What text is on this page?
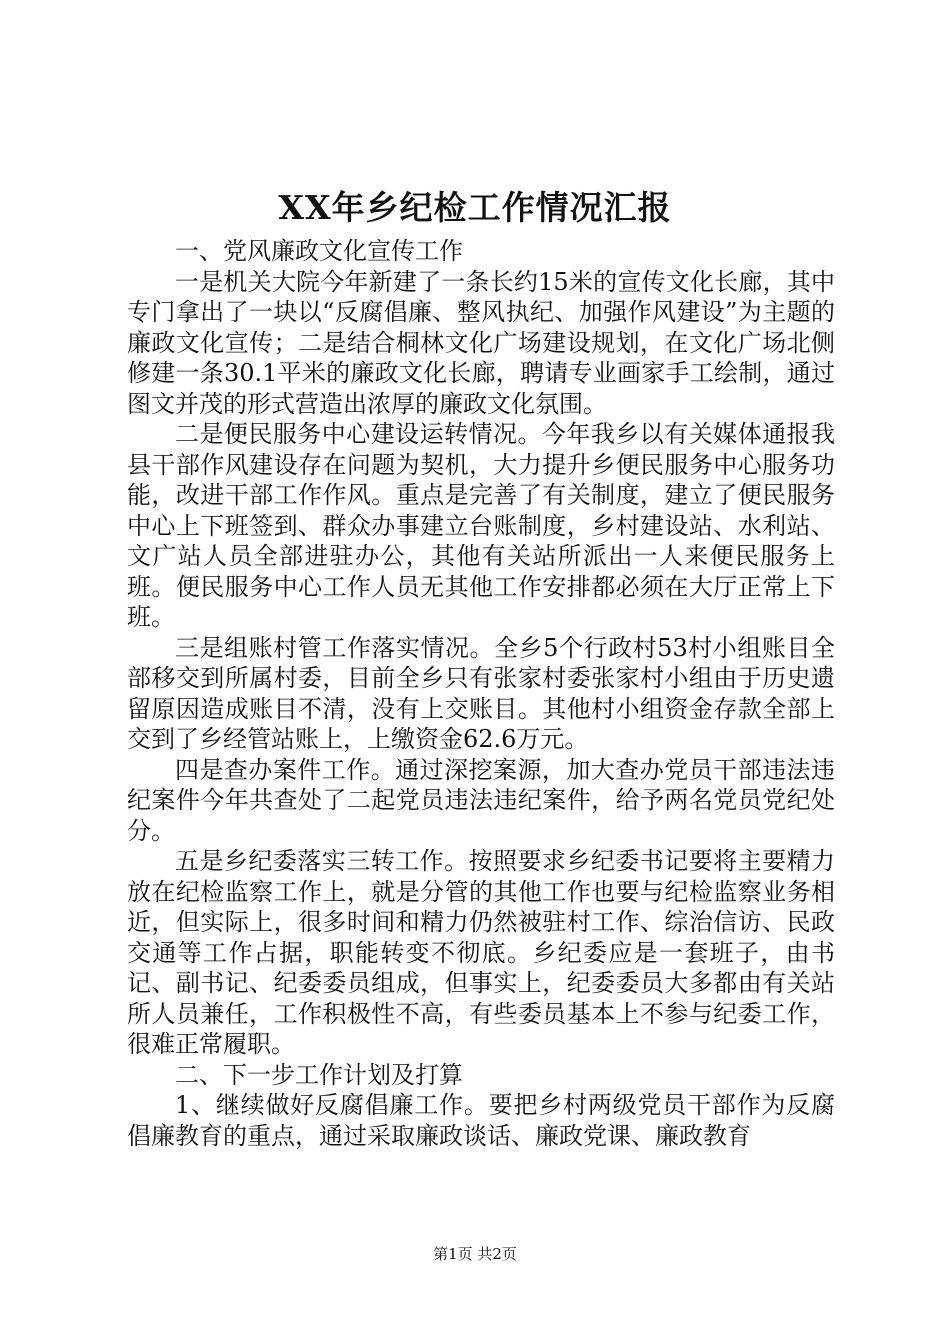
XX年乡纪检工作情况汇报

一、党风廉政文化宣传工作

一是机关大院今年新建了一条长约15米的宣传文化长廊，其中专门拿出了一块以“反腐倡廉、整风执纪、加强作风建设”为主题的廉政文化宣传；二是结合桐林文化广场建设规划，在文化广场北侧修建一条30.1平米的廉政文化长廊，聘请专业画家手工绘制，通过图文并茂的形式营造出浓厚的廉政文化氛围。

二是便民服务中心建设运转情况。今年我乡以有关媒体通报我县干部作风建设存在问题为契机，大力提升乡便民服务中心服务功能，改进干部工作作风。重点是完善了有关制度，建立了便民服务中心上下班签到、群众办事建立台账制度，乡村建设站、水利站、文广站人员全部进驻办公，其他有关站所派出一人来便民服务上班。便民服务中心工作人员无其他工作安排都必须在大厅正常上下班。

三是组账村管工作落实情况。全乡5个行政村53村小组账目全部移交到所属村委，目前全乡只有张家村委张家村小组由于历史遗留原因造成账目不清，没有上交账目。其他村小组资金存款全部上交到了乡经管站账上，上缴资金62.6万元。

四是查办案件工作。通过深挖案源，加大查办党员干部违法违纪案件今年共查处了二起党员违法违纪案件，给予两名党员党纪处分。

五是乡纪委落实三转工作。按照要求乡纪委书记要将主要精力放在纪检监察工作上，就是分管的其他工作也要与纪检监察业务相近，但实际上，很多时间和精力仍然被驻村工作、综治信访、民政交通等工作占据，职能转变不彻底。乡纪委应是一套班子，由书记、副书记、纪委委员组成，但事实上，纪委委员大多都由有关站所人员兼任，工作积极性不高，有些委员基本上不参与纪委工作，很难正常履职。

二、下一步工作计划及打算

1、继续做好反腐倡廉工作。要把乡村两级党员干部作为反腐倡廉教育的重点，通过采取廉政谈话、廉政党课、廉政教育

第1页 共2页
